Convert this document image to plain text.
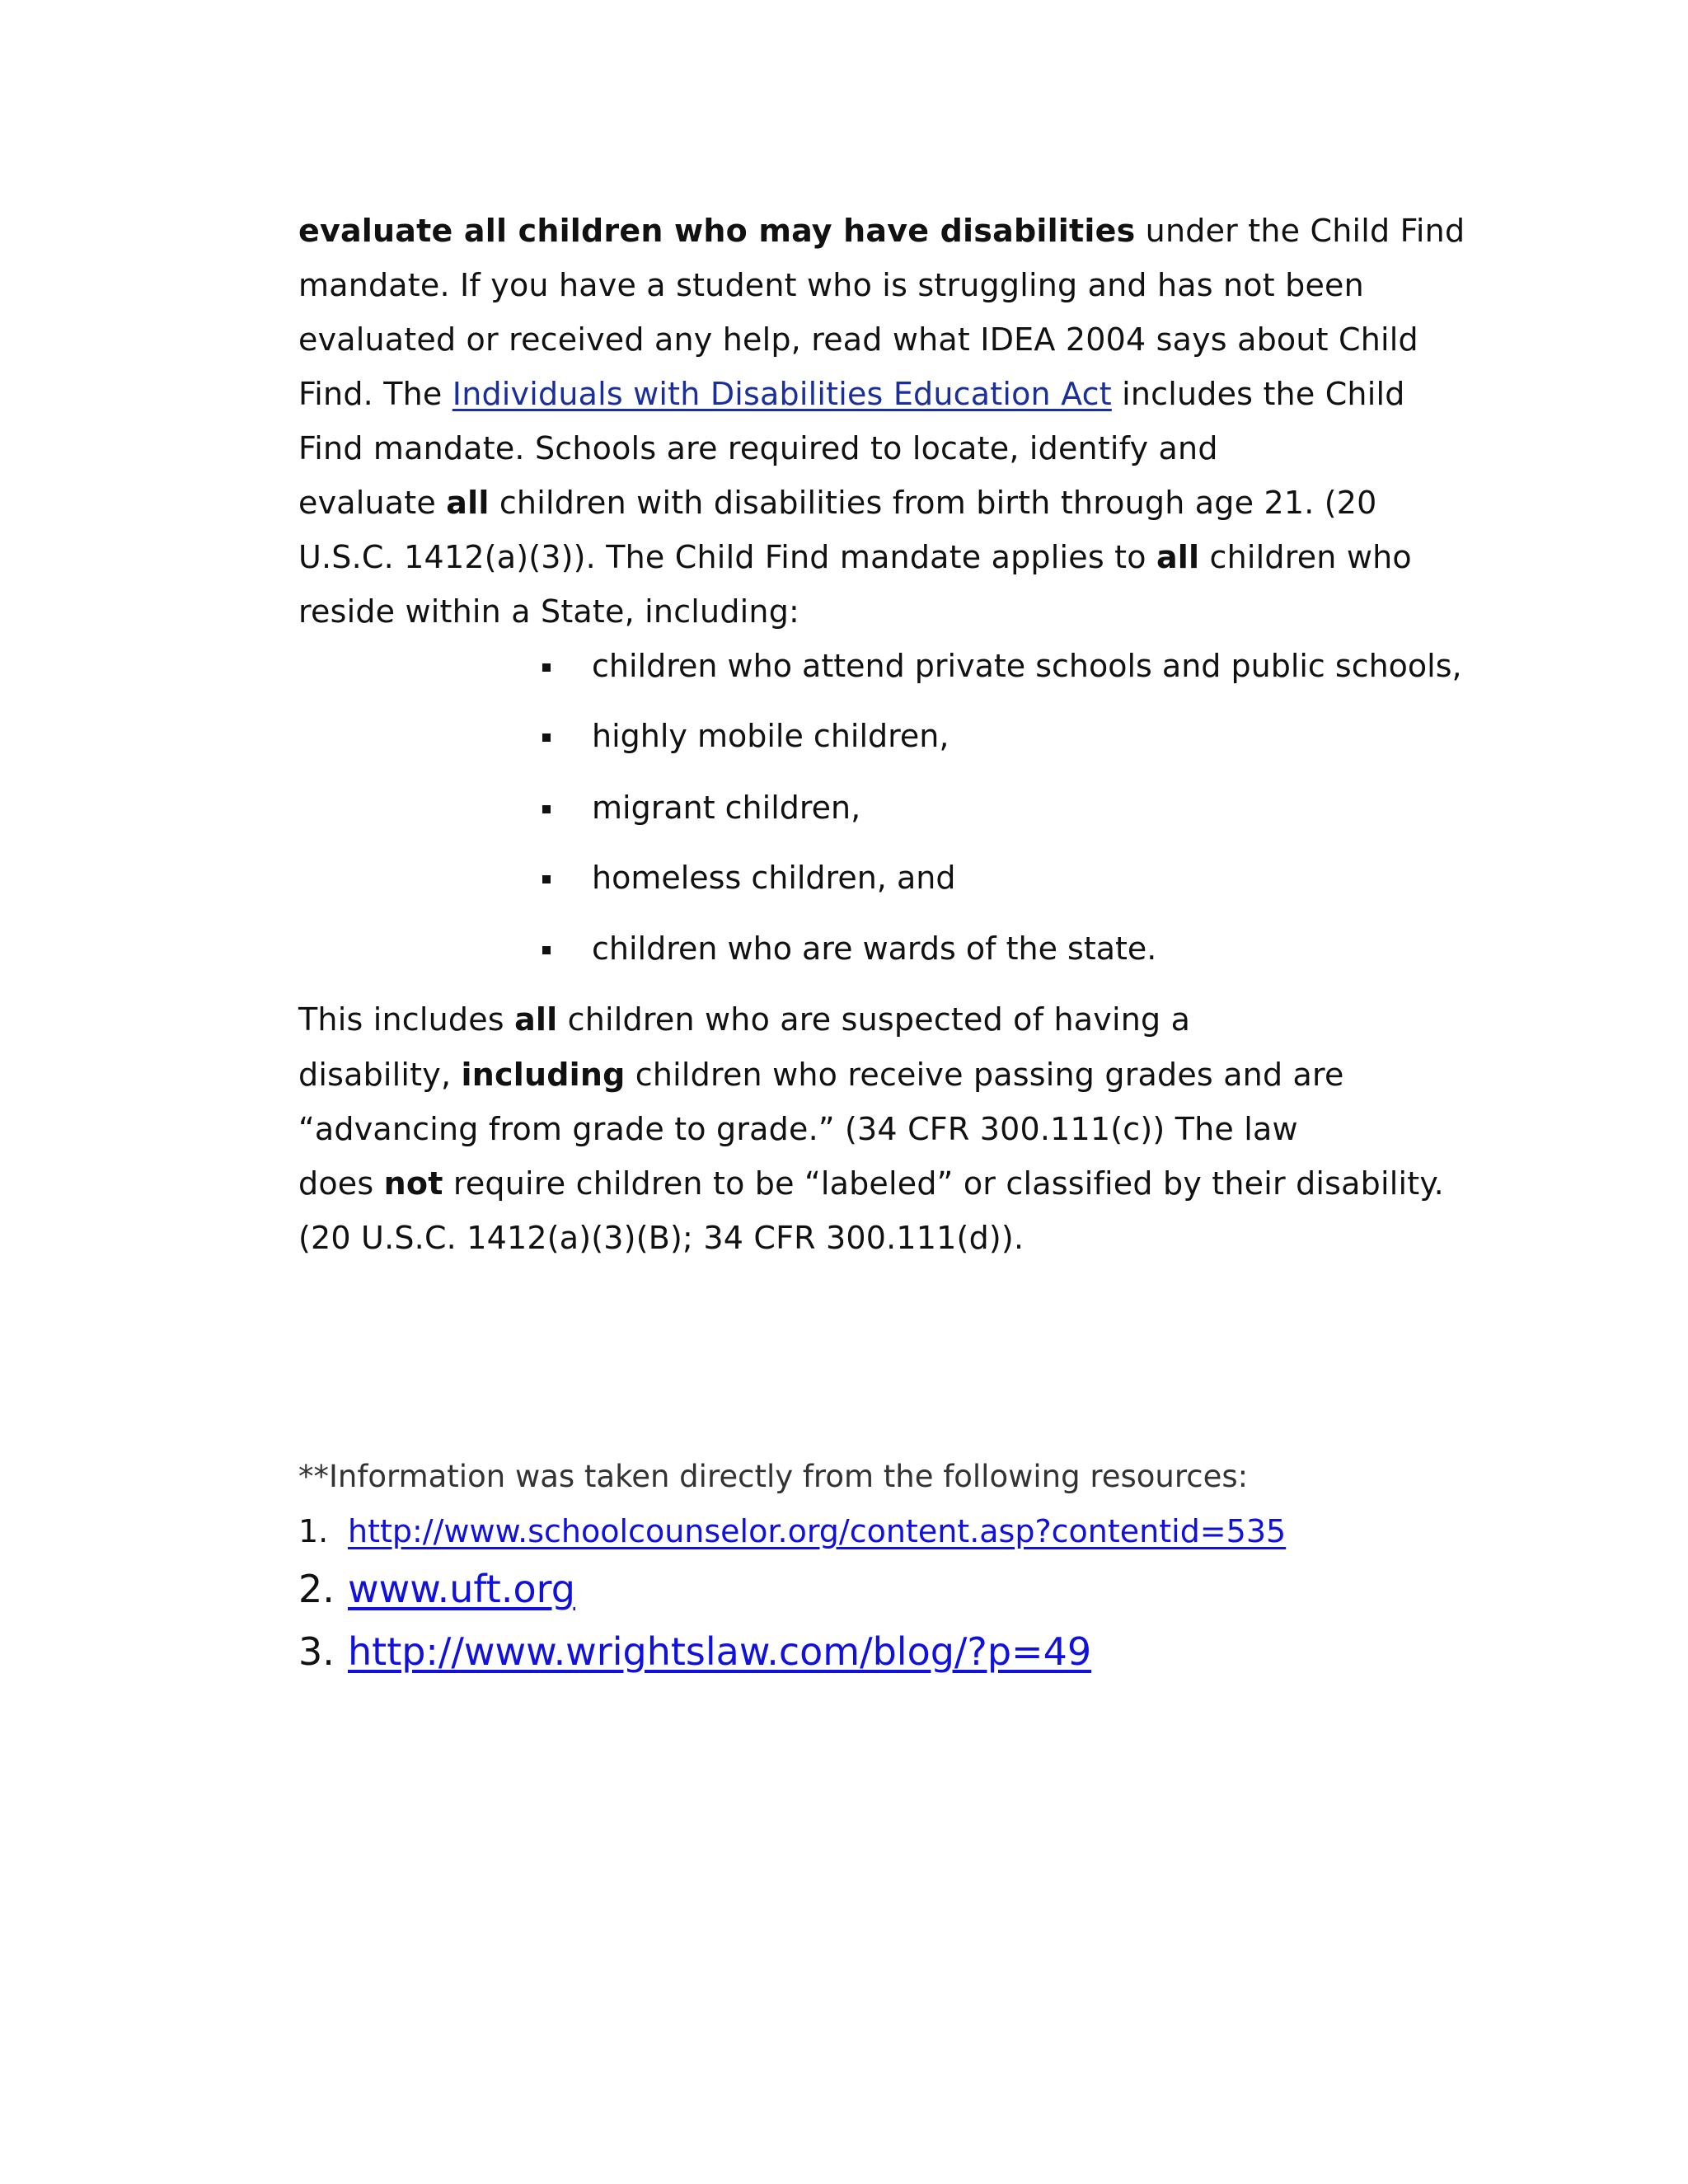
evaluate all children who may have disabilities under the Child Find
mandate. If you have a student who is struggling and has not been
evaluated or received any help, read what IDEA 2004 says about Child
Find. The Individuals with Disabilities Education Act includes the Child
Find mandate. Schools are required to locate, identify and
evaluate all children with disabilities from birth through age 21. (20
U.S.C. 1412(a)(3)). The Child Find mandate applies to all children who
reside within a State, including:
children who attend private schools and public schools,
highly mobile children,
migrant children,
homeless children, and
children who are wards of the state.
This includes all children who are suspected of having a
disability, including children who receive passing grades and are
“advancing from grade to grade.” (34 CFR 300.111(c)) The law
does not require children to be “labeled” or classified by their disability.
(20 U.S.C. 1412(a)(3)(B); 34 CFR 300.111(d)).
**Information was taken directly from the following resources:
1. http://www.schoolcounselor.org/content.asp?contentid=535
2. www.uft.org
3. http://www.wrightslaw.com/blog/?p=49
